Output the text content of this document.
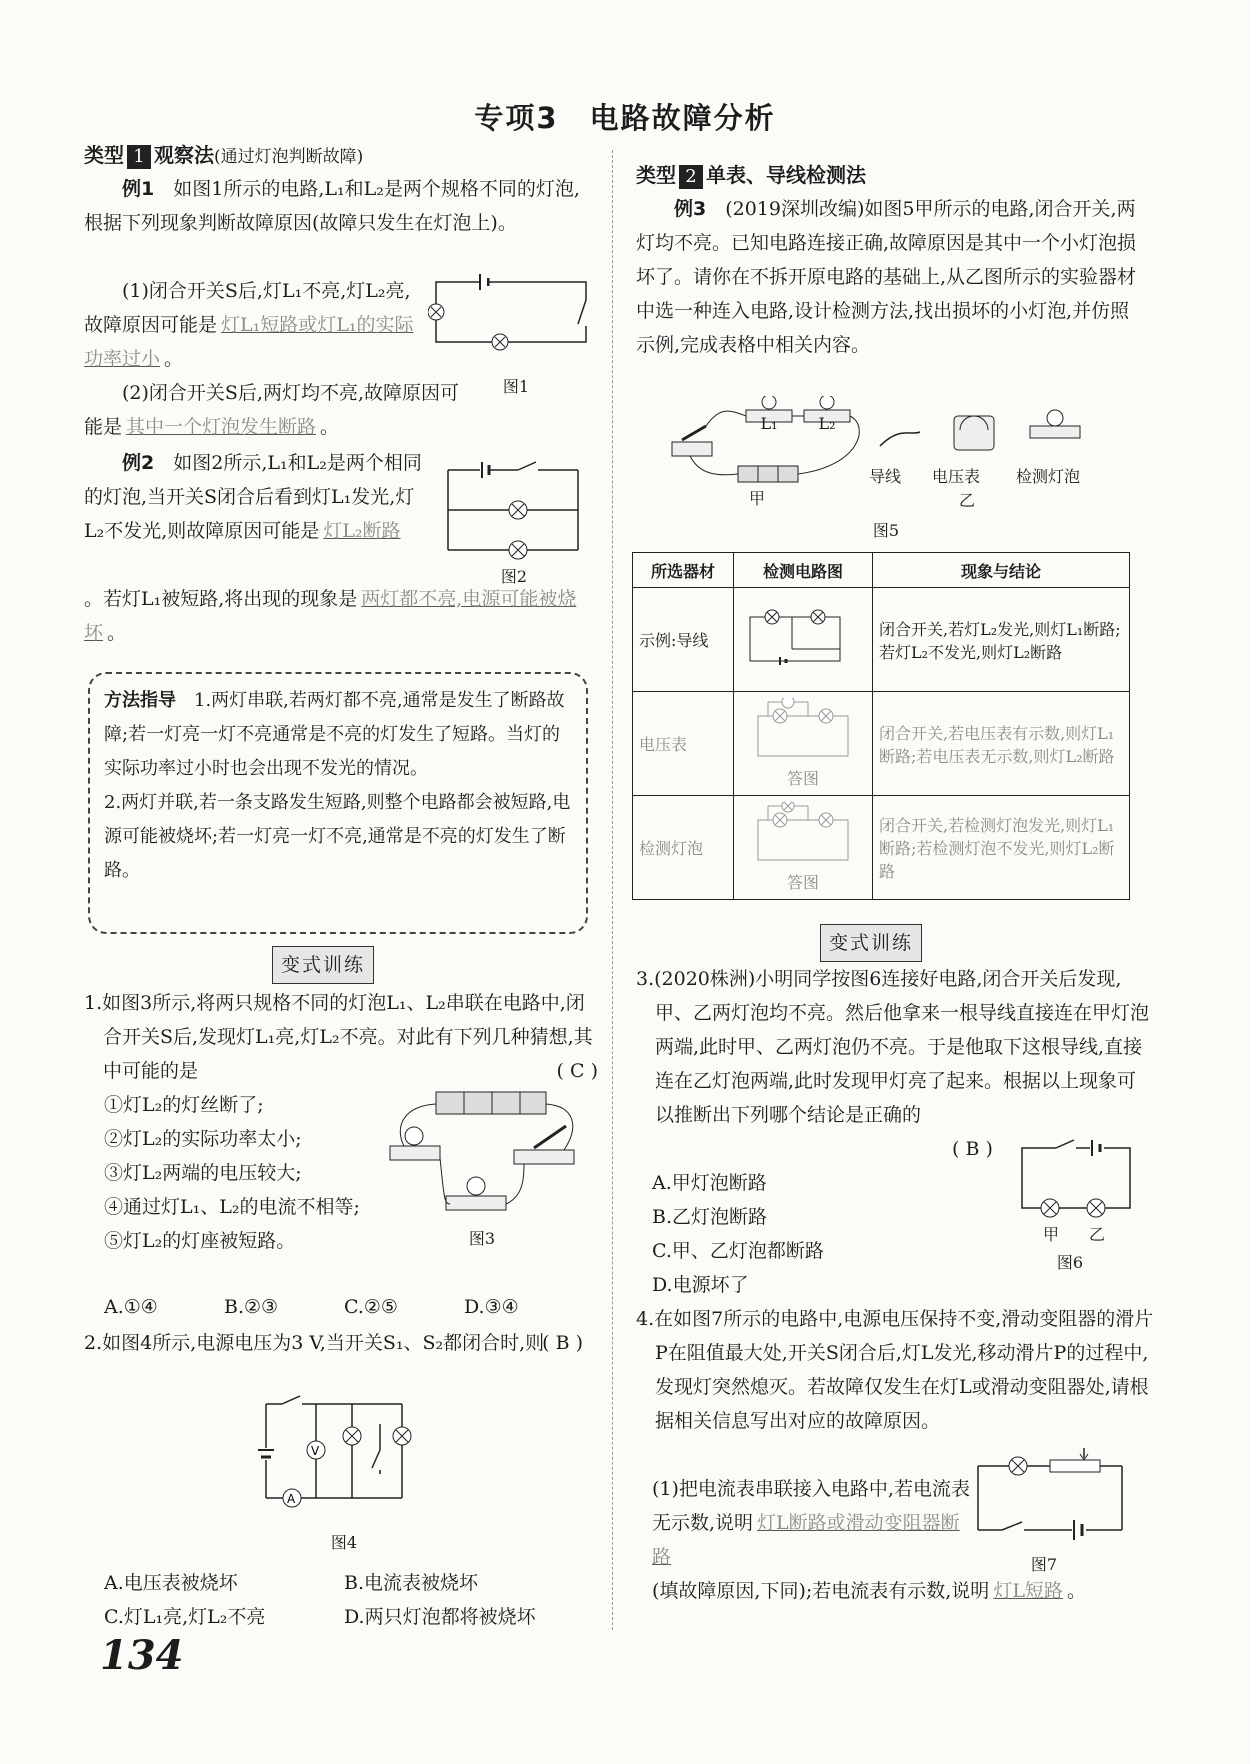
专项3　电路故障分析
类型 1 观察法(通过灯泡判断故障)

例1　 如图1所示的电路,L₁和L₂是两个规格不同的灯泡,根据下列现象判断故障原因(故障只发生在灯泡上)。

(1)闭合开关S后,灯L₁不亮,灯L₂亮,故障原因可能是 灯L₁短路或灯L₁的实际功率过小 。

(2)闭合开关S后,两灯均不亮,故障原因可能是 其中一个灯泡发生断路 。

图1

例2　 如图2所示,L₁和L₂是两个相同的灯泡,当开关S闭合后看到灯L₁发光,灯L₂不发光,则故障原因可能是 灯L₂断路

。若灯L₁被短路,将出现的现象是 两灯都不亮,电源可能被烧坏 。

图2

方法指导　 1.两灯串联,若两灯都不亮,通常是发生了断路故障;若一灯亮一灯不亮通常是不亮的灯发生了短路。当灯的实际功率过小时也会出现不发光的情况。

2.两灯并联,若一条支路发生短路,则整个电路都会被短路,电源可能被烧坏;若一灯亮一灯不亮,通常是不亮的灯发生了断路。

变式训练

1.如图3所示,将两只规格不同的灯泡L₁、L₂串联在电路中,闭合开关S后,发现灯L₁亮,灯L₂不亮。对此有下列几种猜想,其中可能的是	( C )

①灯L₂的灯丝断了;

②灯L₂的实际功率太小;

③灯L₂两端的电压较大;

④通过灯L₁、L₂的电流不相等;

⑤灯L₂的灯座被短路。

A.①④	B.②③	C.②⑤	D.③④
图3

2.如图4所示,电源电压为3 V,当开关S₁、S₂都闭合时,则
( B )

V
A
图4

A.电压表被烧坏	B.电流表被烧坏

C.灯L₁亮,灯L₂不亮	D.两只灯泡都将被烧坏

134
类型 2 单表、导线检测法

例3　 (2019深圳改编)如图5甲所示的电路,闭合开关,两灯均不亮。已知电路连接正确,故障原因是其中一个小灯泡损坏了。请你在不拆开原电路的基础上,从乙图所示的实验器材中选一种连入电路,设计检测方法,找出损坏的小灯泡,并仿照示例,完成表格中相关内容。

L₁	L₂
甲
导线	电压表	检测灯泡
乙
图5
所选器材	检测电路图	现象与结论
示例:导线		闭合开关,若灯L₂发光,则灯L₁断路;若灯L₂不发光,则灯L₂断路
电压表	答图	闭合开关,若电压表有示数,则灯L₁断路;若电压表无示数,则灯L₂断路
检测灯泡	答图	闭合开关,若检测灯泡发光,则灯L₁断路;若检测灯泡不发光,则灯L₂断路
变式训练

3.(2020株洲)小明同学按图6连接好电路,闭合开关后发现,甲、乙两灯泡均不亮。然后他拿来一根导线直接连在甲灯泡两端,此时甲、乙两灯泡仍不亮。于是他取下这根导线,直接连在乙灯泡两端,此时发现甲灯亮了起来。根据以上现象可以推断出下列哪个结论是正确的

( B )

A.甲灯泡断路

B.乙灯泡断路

C.甲、乙灯泡都断路

D.电源坏了

甲	乙
图6

4.在如图7所示的电路中,电源电压保持不变,滑动变阻器的滑片P在阻值最大处,开关S闭合后,灯L发光,移动滑片P的过程中,发现灯突然熄灭。若故障仅发生在灯L或滑动变阻器处,请根据相关信息写出对应的故障原因。

(1)把电流表串联接入电路中,若电流表无示数,说明 灯L断路或滑动变阻器断路

(填故障原因,下同);若电流表有示数,说明 灯L短路 。

图7
